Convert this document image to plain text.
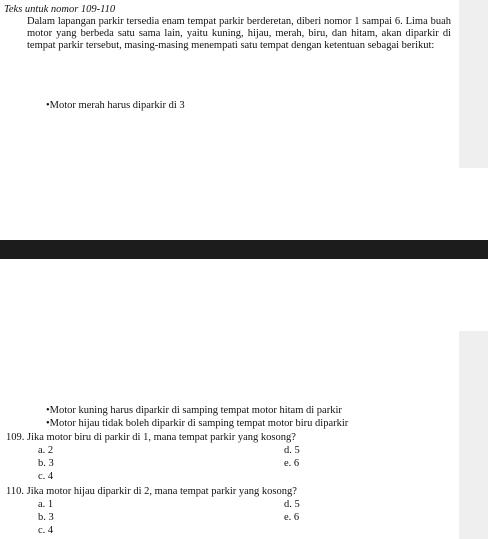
Teks untuk nomor 109-110
Dalam lapangan parkir tersedia enam tempat parkir berderetan, diberi nomor 1 sampai 6. Lima buah motor yang berbeda satu sama lain, yaitu kuning, hijau, merah, biru, dan hitam, akan diparkir di tempat parkir tersebut, masing-masing menempati satu tempat dengan ketentuan sebagai berikut:
•Motor merah harus diparkir di 3
•Motor kuning harus diparkir di samping tempat motor hitam di parkir
•Motor hijau tidak boleh diparkir di samping tempat motor biru diparkir
109. Jika motor biru di parkir di 1, mana tempat parkir yang kosong?
a. 2
b. 3
c. 4
d. 5
e. 6
110. Jika motor hijau diparkir di 2, mana tempat parkir yang kosong?
a. 1
b. 3
c. 4
d. 5
e. 6
